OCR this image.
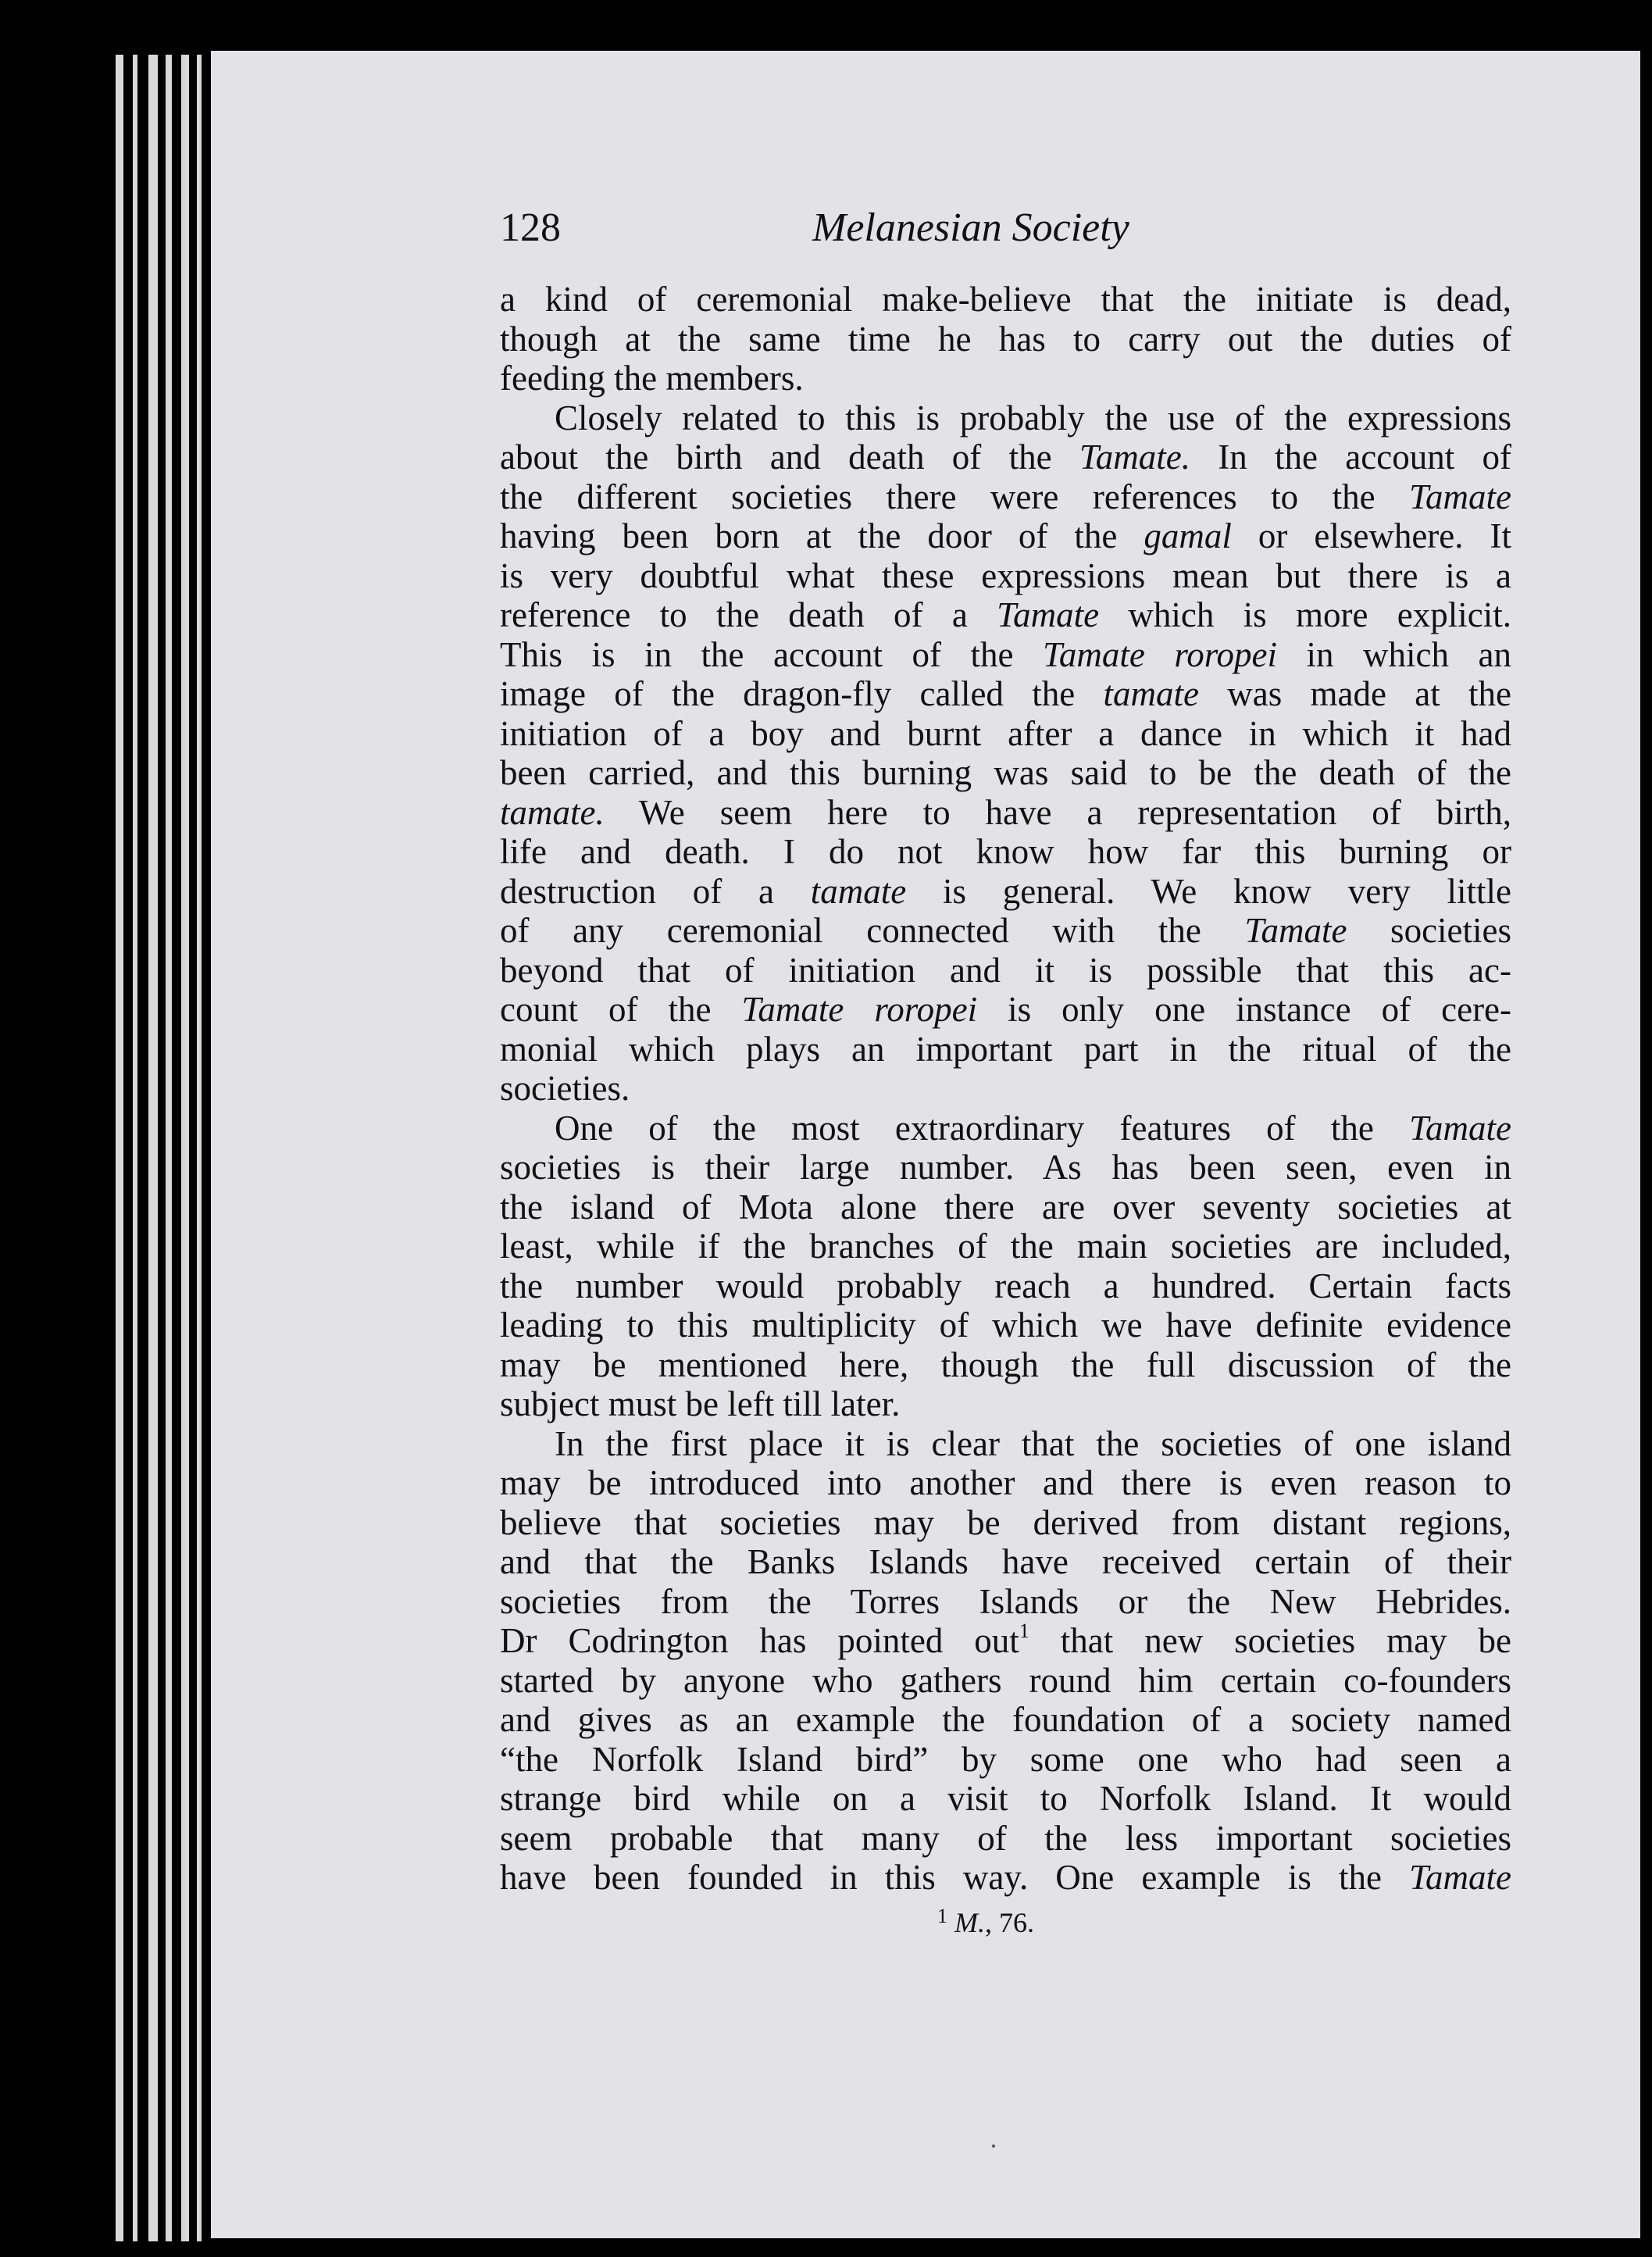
128	Melanesian Society
a kind of ceremonial make-believe that the initiate is dead,
though at the same time he has to carry out the duties of
feeding the members.
Closely related to this is probably the use of the expressions
about the birth and death of the Tamate. In the account of
the different societies there were references to the Tamate
having been born at the door of the gamal or elsewhere. It
is very doubtful what these expressions mean but there is a
reference to the death of a Tamate which is more explicit.
This is in the account of the Tamate roropei in which an
image of the dragon-fly called the tamate was made at the
initiation of a boy and burnt after a dance in which it had
been carried, and this burning was said to be the death of the
tamate. We seem here to have a representation of birth,
life and death. I do not know how far this burning or
destruction of a tamate is general. We know very little
of any ceremonial connected with the Tamate societies
beyond that of initiation and it is possible that this ac-
count of the Tamate roropei is only one instance of cere-
monial which plays an important part in the ritual of the
societies.
One of the most extraordinary features of the Tamate
societies is their large number. As has been seen, even in
the island of Mota alone there are over seventy societies at
least, while if the branches of the main societies are included,
the number would probably reach a hundred. Certain facts
leading to this multiplicity of which we have definite evidence
may be mentioned here, though the full discussion of the
subject must be left till later.
In the first place it is clear that the societies of one island
may be introduced into another and there is even reason to
believe that societies may be derived from distant regions,
and that the Banks Islands have received certain of their
societies from the Torres Islands or the New Hebrides.
Dr Codrington has pointed out$^1$ that new societies may be
started by anyone who gathers round him certain co-founders
and gives as an example the foundation of a society named
“the Norfolk Island bird” by some one who had seen a
strange bird while on a visit to Norfolk Island. It would
seem probable that many of the less important societies
have been founded in this way. One example is the Tamate
$^1$ M., 76.
